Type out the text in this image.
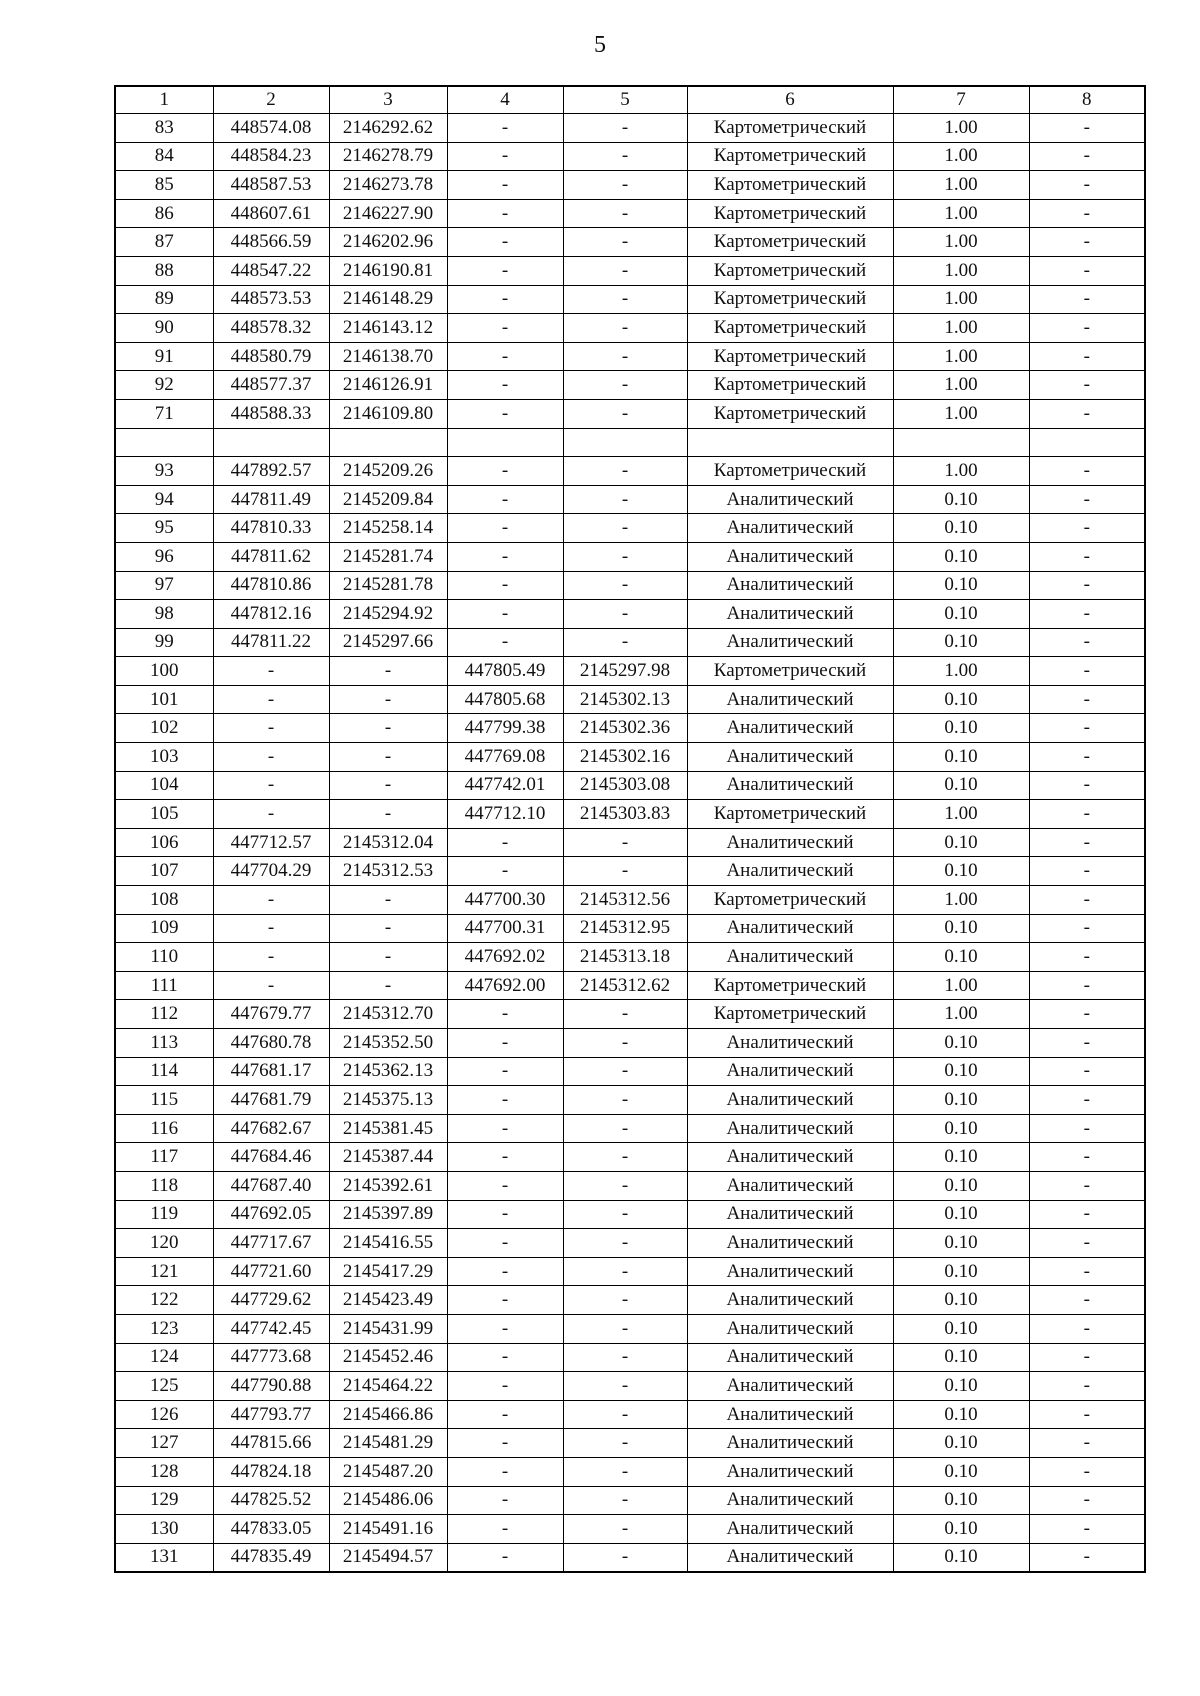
5
1	2	3	4	5	6	7	8
83	448574.08	2146292.62	-	-	Картометрический	1.00	-
84	448584.23	2146278.79	-	-	Картометрический	1.00	-
85	448587.53	2146273.78	-	-	Картометрический	1.00	-
86	448607.61	2146227.90	-	-	Картометрический	1.00	-
87	448566.59	2146202.96	-	-	Картометрический	1.00	-
88	448547.22	2146190.81	-	-	Картометрический	1.00	-
89	448573.53	2146148.29	-	-	Картометрический	1.00	-
90	448578.32	2146143.12	-	-	Картометрический	1.00	-
91	448580.79	2146138.70	-	-	Картометрический	1.00	-
92	448577.37	2146126.91	-	-	Картометрический	1.00	-
71	448588.33	2146109.80	-	-	Картометрический	1.00	-

93	447892.57	2145209.26	-	-	Картометрический	1.00	-
94	447811.49	2145209.84	-	-	Аналитический	0.10	-
95	447810.33	2145258.14	-	-	Аналитический	0.10	-
96	447811.62	2145281.74	-	-	Аналитический	0.10	-
97	447810.86	2145281.78	-	-	Аналитический	0.10	-
98	447812.16	2145294.92	-	-	Аналитический	0.10	-
99	447811.22	2145297.66	-	-	Аналитический	0.10	-
100	-	-	447805.49	2145297.98	Картометрический	1.00	-
101	-	-	447805.68	2145302.13	Аналитический	0.10	-
102	-	-	447799.38	2145302.36	Аналитический	0.10	-
103	-	-	447769.08	2145302.16	Аналитический	0.10	-
104	-	-	447742.01	2145303.08	Аналитический	0.10	-
105	-	-	447712.10	2145303.83	Картометрический	1.00	-
106	447712.57	2145312.04	-	-	Аналитический	0.10	-
107	447704.29	2145312.53	-	-	Аналитический	0.10	-
108	-	-	447700.30	2145312.56	Картометрический	1.00	-
109	-	-	447700.31	2145312.95	Аналитический	0.10	-
110	-	-	447692.02	2145313.18	Аналитический	0.10	-
111	-	-	447692.00	2145312.62	Картометрический	1.00	-
112	447679.77	2145312.70	-	-	Картометрический	1.00	-
113	447680.78	2145352.50	-	-	Аналитический	0.10	-
114	447681.17	2145362.13	-	-	Аналитический	0.10	-
115	447681.79	2145375.13	-	-	Аналитический	0.10	-
116	447682.67	2145381.45	-	-	Аналитический	0.10	-
117	447684.46	2145387.44	-	-	Аналитический	0.10	-
118	447687.40	2145392.61	-	-	Аналитический	0.10	-
119	447692.05	2145397.89	-	-	Аналитический	0.10	-
120	447717.67	2145416.55	-	-	Аналитический	0.10	-
121	447721.60	2145417.29	-	-	Аналитический	0.10	-
122	447729.62	2145423.49	-	-	Аналитический	0.10	-
123	447742.45	2145431.99	-	-	Аналитический	0.10	-
124	447773.68	2145452.46	-	-	Аналитический	0.10	-
125	447790.88	2145464.22	-	-	Аналитический	0.10	-
126	447793.77	2145466.86	-	-	Аналитический	0.10	-
127	447815.66	2145481.29	-	-	Аналитический	0.10	-
128	447824.18	2145487.20	-	-	Аналитический	0.10	-
129	447825.52	2145486.06	-	-	Аналитический	0.10	-
130	447833.05	2145491.16	-	-	Аналитический	0.10	-
131	447835.49	2145494.57	-	-	Аналитический	0.10	-
